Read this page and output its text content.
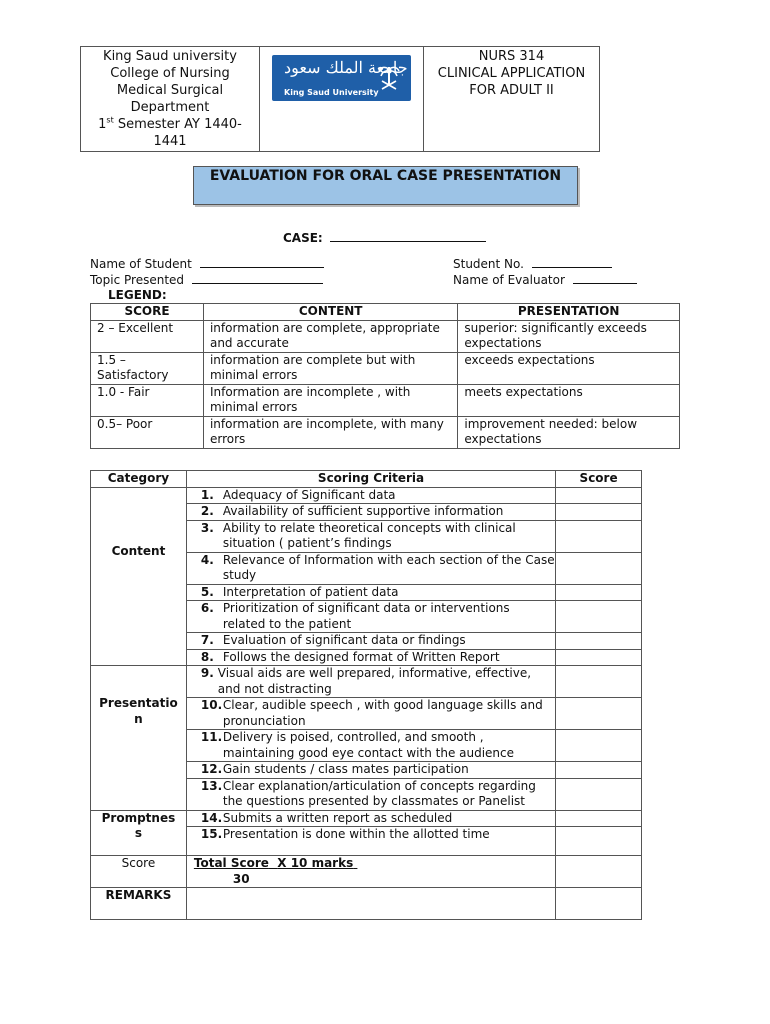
King Saud university
College of Nursing
Medical Surgical Department
1st Semester AY 1440-1441
جامعة الملك سعود
King Saud University
NURS 314
CLINICAL APPLICATION FOR ADULT II
EVALUATION FOR ORAL CASE PRESENTATION
CASE:
Name of Student
Topic Presented
Student No.
Name of Evaluator
LEGEND:
SCORE	CONTENT	PRESENTATION
2 – Excellent	information are complete, appropriate and accurate	superior: significantly exceeds expectations
1.5 – Satisfactory	information are complete but with minimal errors	exceeds expectations
1.0 - Fair	Information are incomplete , with minimal errors	meets expectations
0.5– Poor	information are incomplete, with many errors	improvement needed: below expectations
Category	Scoring Criteria	Score
Content	1. Adequacy of Significant data	

	2. Availability of sufficient supportive information	

	3. Ability to relate theoretical concepts with clinical situation ( patient’s findings	

	4. Relevance of Information with each section of the Case study	

	5. Interpretation of patient data	

	6. Prioritization of significant data or interventions related to the patient	

	7. Evaluation of significant data or findings	

	8. Follows the designed format of Written Report	

Presentation	9. Visual aids are well prepared, informative, effective, and not distracting	

	10. Clear, audible speech , with good language skills and pronunciation	

	11. Delivery is poised, controlled, and smooth , maintaining good eye contact with the audience	

	12. Gain students / class mates participation	

	13. Clear explanation/articulation of concepts regarding the questions presented by classmates or Panelist	

Promptness	14. Submits a written report as scheduled	

	15. Presentation is done within the allotted time	

Score	Total Score X 10 marks
30	

REMARKS		
